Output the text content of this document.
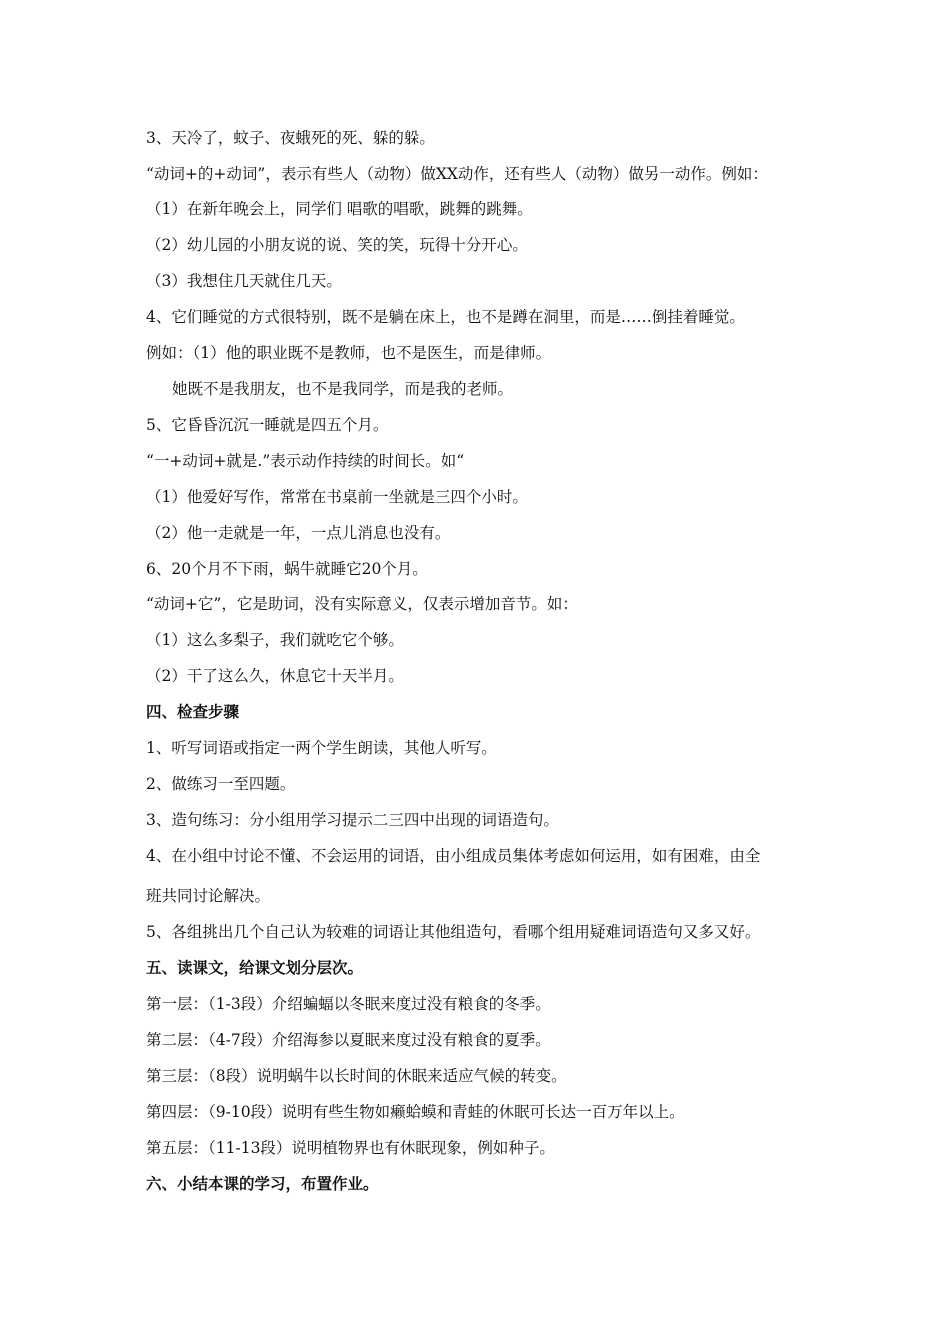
3、天冷了，蚊子、夜蛾死的死、躲的躲。
“动词+的+动词”，表示有些人（动物）做XX动作，还有些人（动物）做另一动作。例如：
（1）在新年晚会上，同学们 唱歌的唱歌，跳舞的跳舞。
（2）幼儿园的小朋友说的说、笑的笑，玩得十分开心。
（3）我想住几天就住几天。
4、它们睡觉的方式很特别，既不是躺在床上，也不是蹲在洞里，而是……倒挂着睡觉。
例如：（1）他的职业既不是教师，也不是医生，而是律师。
她既不是我朋友，也不是我同学，而是我的老师。
5、它昏昏沉沉一睡就是四五个月。
“一+动词+就是.”表示动作持续的时间长。如“
（1）他爱好写作，常常在书桌前一坐就是三四个小时。
（2）他一走就是一年，一点儿消息也没有。
6、20个月不下雨，蜗牛就睡它20个月。
“动词+它”，它是助词，没有实际意义，仅表示增加音节。如：
（1）这么多梨子，我们就吃它个够。
（2）干了这么久，休息它十天半月。
四、检查步骤
1、听写词语或指定一两个学生朗读，其他人听写。
2、做练习一至四题。
3、造句练习：分小组用学习提示二三四中出现的词语造句。
4、在小组中讨论不懂、不会运用的词语，由小组成员集体考虑如何运用，如有困难，由全
班共同讨论解决。
5、各组挑出几个自己认为较难的词语让其他组造句，看哪个组用疑难词语造句又多又好。
五、读课文，给课文划分层次。
第一层：（1-3段）介绍蝙蝠以冬眠来度过没有粮食的冬季。
第二层：（4-7段）介绍海参以夏眠来度过没有粮食的夏季。
第三层：（8段）说明蜗牛以长时间的休眠来适应气候的转变。
第四层：（9-10段）说明有些生物如癞蛤蟆和青蛙的休眠可长达一百万年以上。
第五层：（11-13段）说明植物界也有休眠现象，例如种子。
六、小结本课的学习，布置作业。
